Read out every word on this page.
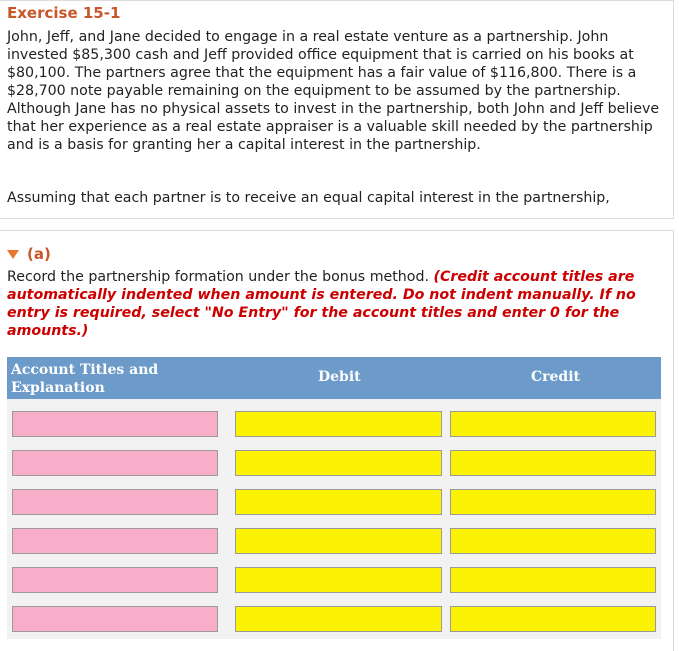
Exercise 15-1
John, Jeff, and Jane decided to engage in a real estate venture as a partnership. John invested $85,300 cash and Jeff provided office equipment that is carried on his books at $80,100. The partners agree that the equipment has a fair value of $116,800. There is a $28,700 note payable remaining on the equipment to be assumed by the partnership. Although Jane has no physical assets to invest in the partnership, both John and Jeff believe that her experience as a real estate appraiser is a valuable skill needed by the partnership and is a basis for granting her a capital interest in the partnership.
Assuming that each partner is to receive an equal capital interest in the partnership,
(a)
Record the partnership formation under the bonus method. (Credit account titles are automatically indented when amount is entered. Do not indent manually. If no entry is required, select "No Entry" for the account titles and enter 0 for the amounts.)
Account Titles and Explanation
Debit	Credit
